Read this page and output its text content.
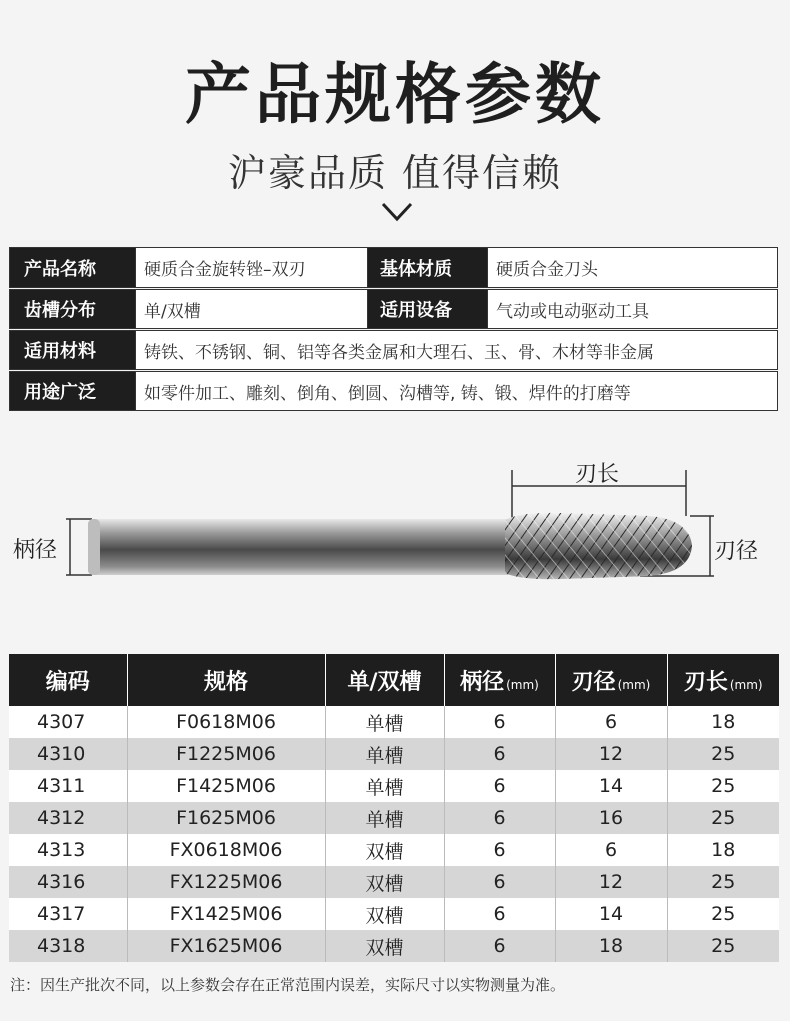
产品规格参数
沪豪品质 值得信赖
产品名称	硬质合金旋转锉–双刃	基体材质	硬质合金刀头
齿槽分布	单/双槽	适用设备	气动或电动驱动工具
适用材料	铸铁、不锈钢、铜、铝等各类金属和大理石、玉、骨、木材等非金属
用途广泛	如零件加工、雕刻、倒角、倒圆、沟槽等, 铸、锻、焊件的打磨等
刃长
柄径	刃径
编码	规格	单/双槽	柄径 (mm)	刃径 (mm)	刃长 (mm)
4307	F0618M06	单槽	6	6	18
4310	F1225M06	单槽	6	12	25
4311	F1425M06	单槽	6	14	25
4312	F1625M06	单槽	6	16	25
4313	FX0618M06	双槽	6	6	18
4316	FX1225M06	双槽	6	12	25
4317	FX1425M06	双槽	6	14	25
4318	FX1625M06	双槽	6	18	25
注：因生产批次不同，以上参数会存在正常范围内误差，实际尺寸以实物测量为准。
